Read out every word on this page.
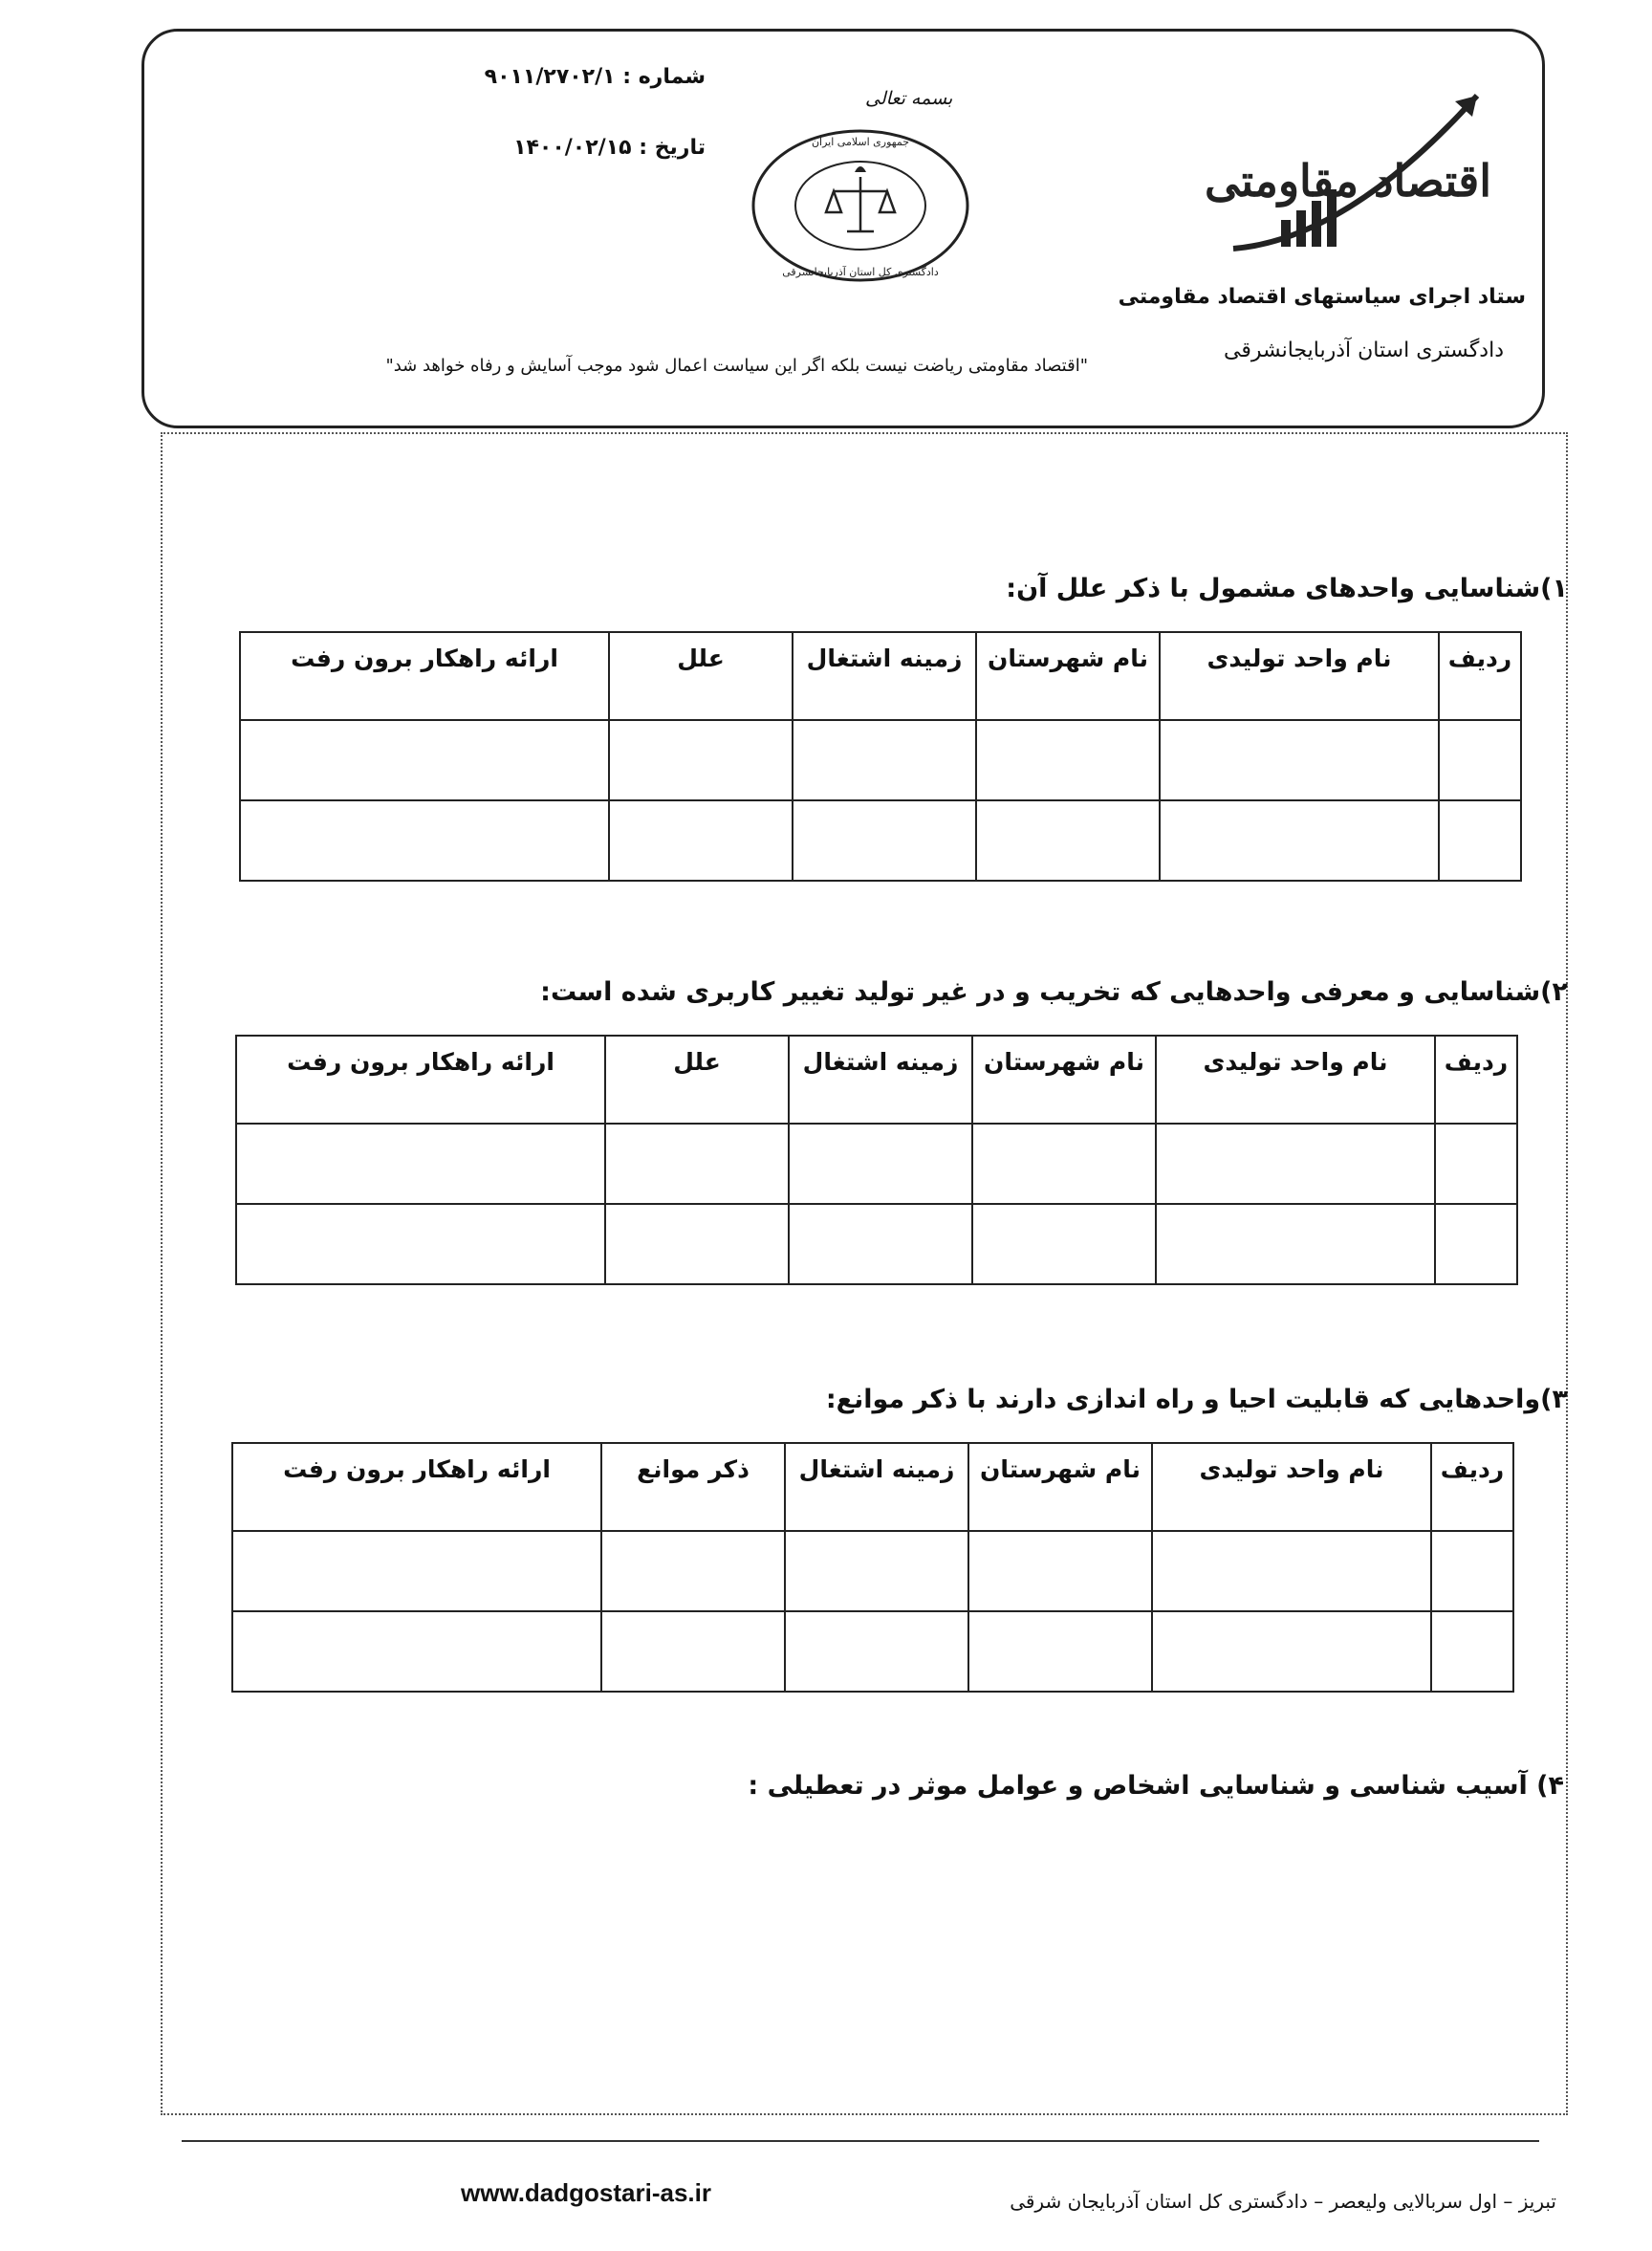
شماره : ۹۰۱۱/۲۷۰۲/۱
تاریخ : ۱۴۰۰/۰۲/۱۵
بسمه تعالی
جمهوری اسلامی ایران
دادگستری کل استان آذربایجانشرقی
اقتصاد مقاومتی
ستاد اجرای سیاستهای اقتصاد مقاومتی
دادگستری استان آذربایجانشرقی
"اقتصاد مقاومتی ریاضت نیست بلکه اگر این سیاست اعمال شود موجب آسایش و رفاه خواهد شد"
۱)شناسایی واحدهای مشمول با ذکر علل آن:
ردیف	نام واحد تولیدی	نام شهرستان	زمینه اشتغال	علل	ارائه راهکار برون رفت

۲)شناسایی و معرفی واحدهایی که تخریب و در غیر تولید تغییر کاربری شده است:
ردیف	نام واحد تولیدی	نام شهرستان	زمینه اشتغال	علل	ارائه راهکار برون رفت

۳)واحدهایی که قابلیت احیا و راه اندازی دارند با ذکر موانع:
ردیف	نام واحد تولیدی	نام شهرستان	زمینه اشتغال	ذکر موانع	ارائه راهکار برون رفت

۴) آسیب شناسی و شناسایی اشخاص و عوامل موثر در تعطیلی :
www.dadgostari-as.ir	تبریز – اول سربالایی ولیعصر – دادگستری کل استان آذربایجان شرقی
